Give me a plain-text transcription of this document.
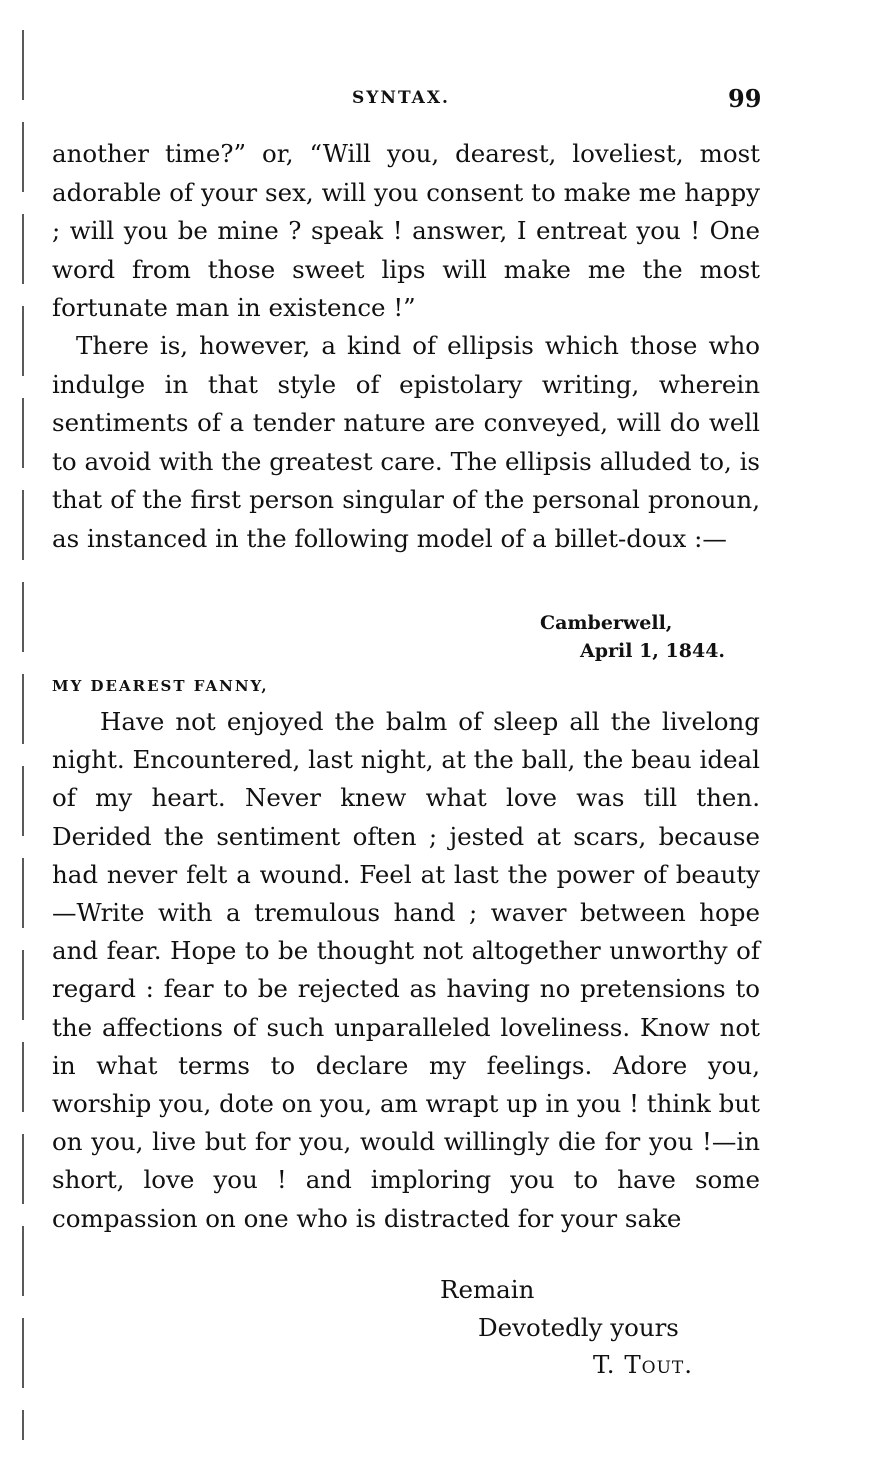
SYNTAX.	99

another time?” or, “Will you, dearest, loveliest, most adorable of your sex, will you consent to make me happy ; will you be mine ? speak ! answer, I entreat you ! One word from those sweet lips will make me the most fortunate man in existence !”

There is, however, a kind of ellipsis which those who indulge in that style of epistolary writing, wherein sentiments of a tender nature are conveyed, will do well to avoid with the greatest care. The ellipsis alluded to, is that of the first person singular of the personal pronoun, as instanced in the following model of a billet-doux :—

Camberwell,
April 1, 1844.
MY DEAREST FANNY,

Have not enjoyed the balm of sleep all the livelong night. Encountered, last night, at the ball, the beau ideal of my heart. Never knew what love was till then. Derided the sentiment often ; jested at scars, because had never felt a wound. Feel at last the power of beauty—Write with a tremulous hand ; waver between hope and fear. Hope to be thought not altogether unworthy of regard : fear to be rejected as having no pretensions to the affections of such unparalleled loveliness. Know not in what terms to declare my feelings. Adore you, worship you, dote on you, am wrapt up in you ! think but on you, live but for you, would willingly die for you !—in short, love you ! and imploring you to have some compassion on one who is distracted for your sake

Remain
Devotedly yours
T. Tout.
